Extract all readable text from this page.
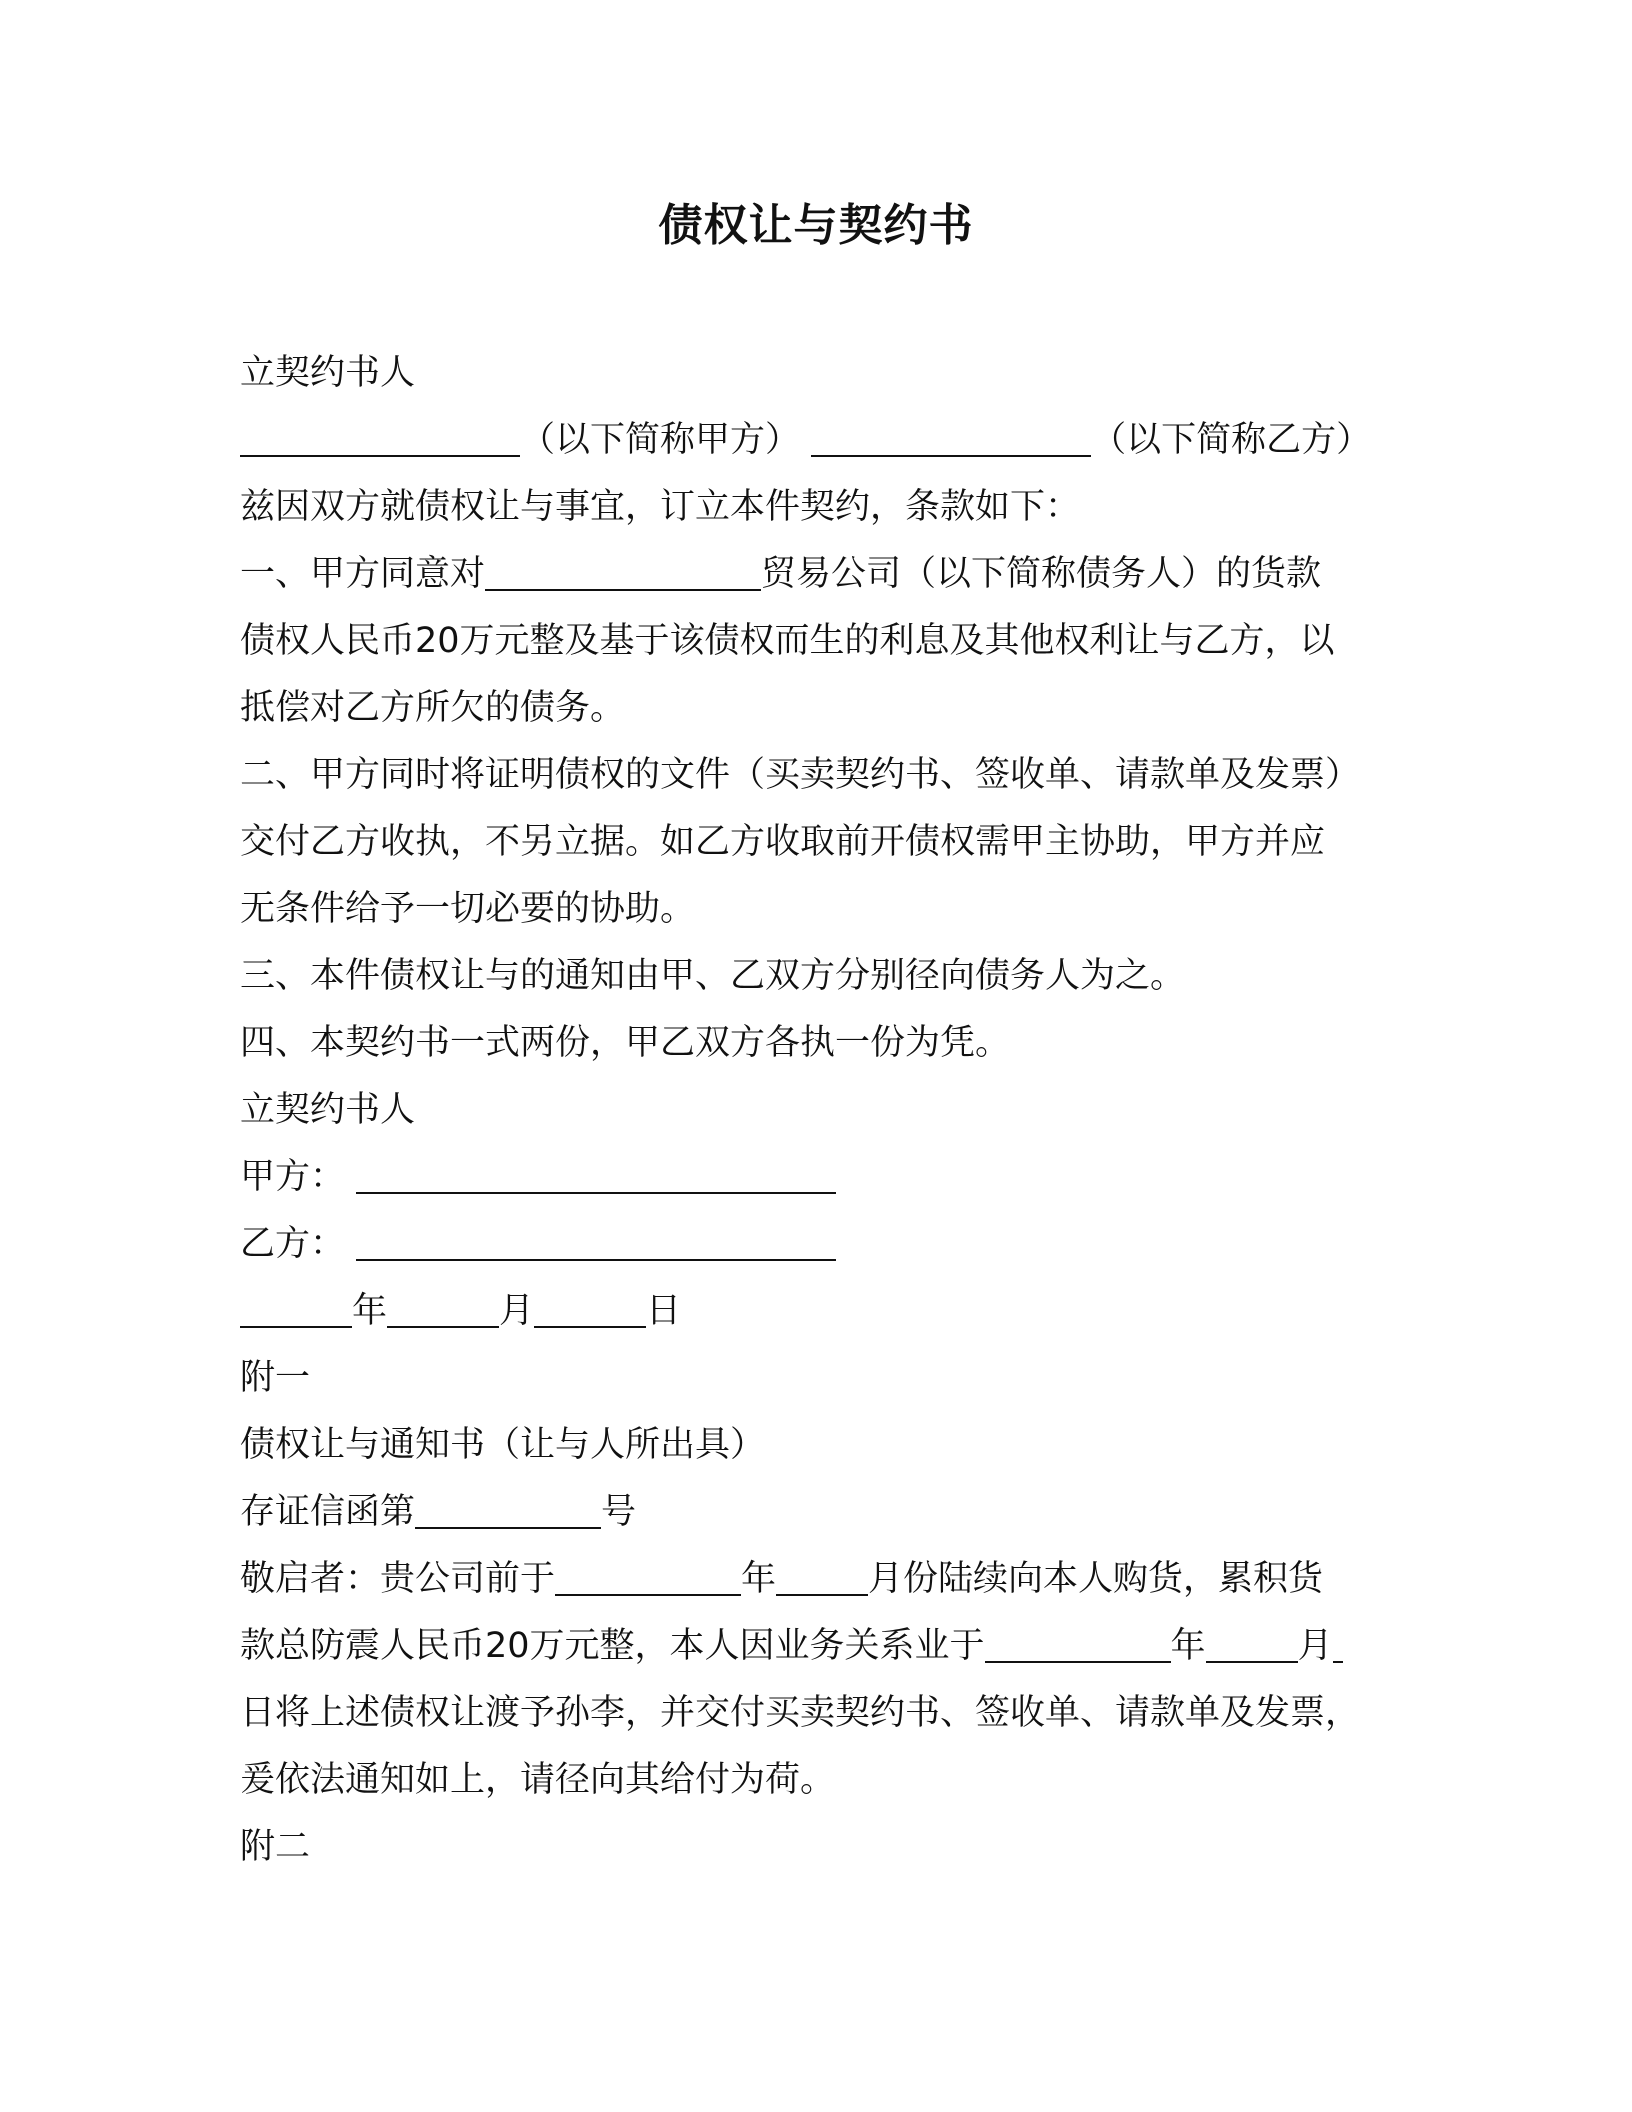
债权让与契约书
立契约书人
（以下简称甲方）	（以下简称乙方）
兹因双方就债权让与事宜，订立本件契约，条款如下：
一、甲方同意对	贸易公司（以下简称债务人）的货款
债权人民币20万元整及基于该债权而生的利息及其他权利让与乙方，以
抵偿对乙方所欠的债务。
二、甲方同时将证明债权的文件（买卖契约书、签收单、请款单及发票）
交付乙方收执，不另立据。如乙方收取前开债权需甲主协助，甲方并应
无条件给予一切必要的协助。
三、本件债权让与的通知由甲、乙双方分别径向债务人为之。
四、本契约书一式两份，甲乙双方各执一份为凭。
立契约书人
甲方：
乙方：
年	月	日
附一
债权让与通知书（让与人所出具）
存证信函第	号
敬启者：贵公司前于	年	月份陆续向本人购货，累积货
款总防震人民币20万元整，本人因业务关系业于	年	月
日将上述债权让渡予孙李，并交付买卖契约书、签收单、请款单及发票，
爰依法通知如上，请径向其给付为荷。
附二
